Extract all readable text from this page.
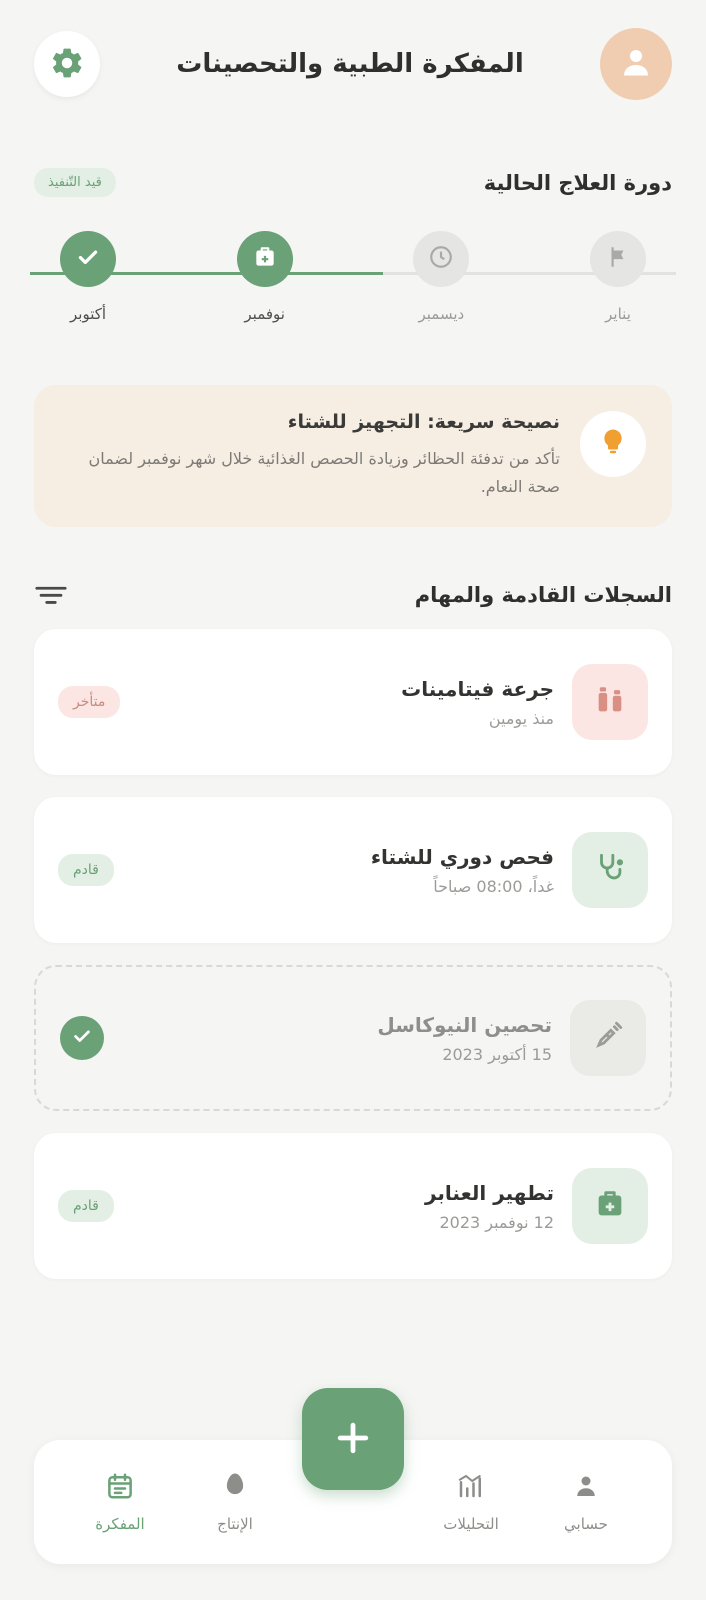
المفكرة الطبية والتحصينات
دورة العلاج الحالية
قيد التّنفيذ
يناير
ديسمبر
نوفمبر
أكتوبر
نصيحة سريعة: التجهيز للشتاء
تأكد من تدفئة الحظائر وزيادة الحصص الغذائية خلال شهر نوفمبر لضمان صحة النعام.
السجلات القادمة والمهام
جرعة فيتامينات
منذ يومين
متأخر
فحص دوري للشتاء
غداً، 08:00 صباحاً
قادم
تحصين النيوكاسل
15 أكتوبر 2023
تطهير العنابر
12 نوفمبر 2023
قادم
حسابي
التحليلات
الإنتاج
المفكرة
